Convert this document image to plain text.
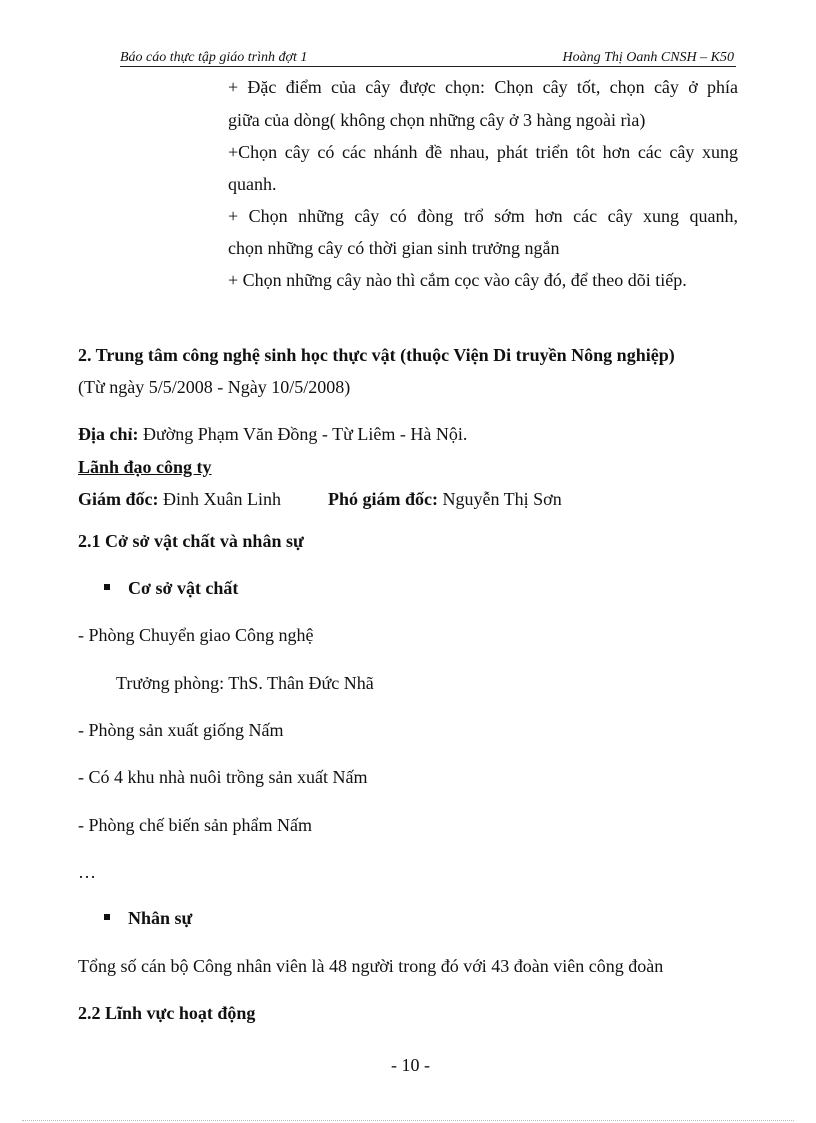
Báo cáo thực tập giáo trình đợt 1	Hoàng Thị Oanh CNSH – K50
+ Đặc điểm của cây được chọn: Chọn cây tốt, chọn cây ở phía
giữa của dòng( không chọn những cây ở 3 hàng ngoài rìa)
+Chọn cây có các nhánh đề nhau, phát triển tôt hơn các cây xung
quanh.
+ Chọn những cây có đòng trổ sớm hơn các cây xung quanh,
chọn những cây có thời gian sinh trưởng ngắn
+ Chọn những cây nào thì cắm cọc vào cây đó, để theo dõi tiếp.
2. Trung tâm công nghệ sinh học thực vật (thuộc Viện Di truyền Nông nghiệp)
(Từ ngày 5/5/2008 - Ngày 10/5/2008)
Địa chỉ: Đường Phạm Văn Đồng - Từ Liêm - Hà Nội.
Lãnh đạo công ty
Giám đốc: Đinh Xuân Linh	Phó giám đốc: Nguyễn Thị Sơn
2.1 Cở sở vật chất và nhân sự
Cơ sở vật chất
- Phòng Chuyển giao Công nghệ
Trưởng phòng: ThS. Thân Đức Nhã
- Phòng sản xuất giống Nấm
- Có 4 khu nhà nuôi trồng sản xuất Nấm
- Phòng chế biến sản phẩm Nấm
…
Nhân sự
Tổng số cán bộ Công nhân viên là 48 người trong đó với 43 đoàn viên công đoàn
2.2 Lĩnh vực hoạt động
- 10 -
